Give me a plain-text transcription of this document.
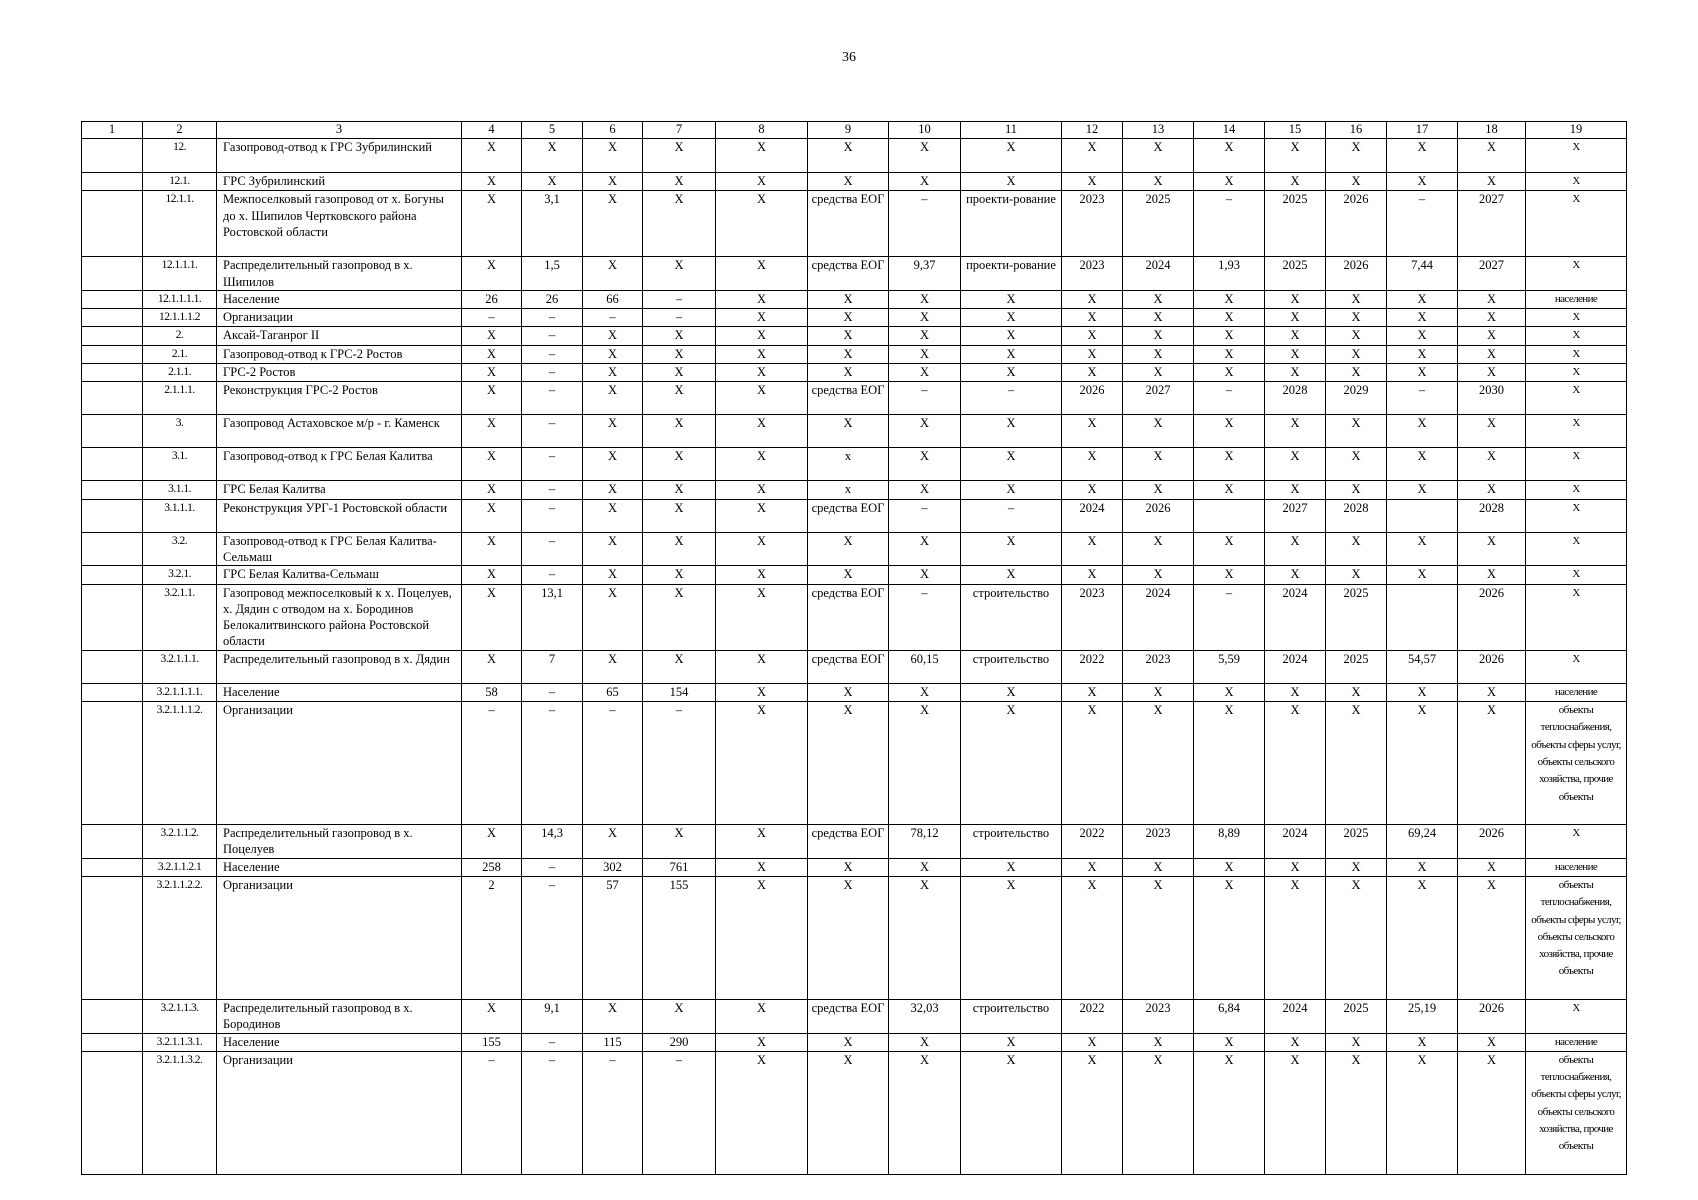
36
1	2	3	4	5	6	7	8	9	10	11	12	13	14	15	16	17	18	19
	12.	Газопровод-отвод к ГРС Зубрилинский	X	X	X	X	X	X	X	X	X	X	X	X	X	X	X	X
	12.1.	ГРС Зубрилинский	X	X	X	X	X	X	X	X	X	X	X	X	X	X	X	X
	12.1.1.	Межпоселковый газопровод от х. Богуны до х. Шипилов Чертковского района Ростовской области	X	3,1	X	X	X	средства ЕОГ	–	проекти-рование	2023	2025	–	2025	2026	–	2027	X
	12.1.1.1.	Распределительный газопровод в х. Шипилов	X	1,5	X	X	X	средства ЕОГ	9,37	проекти-рование	2023	2024	1,93	2025	2026	7,44	2027	X
	12.1.1.1.1.	Население	26	26	66	–	X	X	X	X	X	X	X	X	X	X	X	население
	12.1.1.1.2	Организации	–	–	–	–	X	X	X	X	X	X	X	X	X	X	X	X
	2.	Аксай-Таганрог II	X	–	X	X	X	X	X	X	X	X	X	X	X	X	X	X
	2.1.	Газопровод-отвод к ГРС-2 Ростов	X	–	X	X	X	X	X	X	X	X	X	X	X	X	X	X
	2.1.1.	ГРС-2 Ростов	X	–	X	X	X	X	X	X	X	X	X	X	X	X	X	X
	2.1.1.1.	Реконструкция ГРС-2 Ростов	X	–	X	X	X	средства ЕОГ	–	–	2026	2027	–	2028	2029	–	2030	X
	3.	Газопровод Астаховское м/р - г. Каменск	X	–	X	X	X	X	X	X	X	X	X	X	X	X	X	X
	3.1.	Газопровод-отвод к ГРС Белая Калитва	X	–	X	X	X	x	X	X	X	X	X	X	X	X	X	X
	3.1.1.	ГРС Белая Калитва	X	–	X	X	X	x	X	X	X	X	X	X	X	X	X	X
	3.1.1.1.	Реконструкция УРГ-1 Ростовской области	X	–	X	X	X	средства ЕОГ	–	–	2024	2026		2027	2028		2028	X
	3.2.	Газопровод-отвод к ГРС Белая Калитва-Сельмаш	X	–	X	X	X	X	X	X	X	X	X	X	X	X	X	X
	3.2.1.	ГРС Белая Калитва-Сельмаш	X	–	X	X	X	X	X	X	X	X	X	X	X	X	X	X
	3.2.1.1.	Газопровод межпоселковый к х. Поцелуев, х. Дядин с отводом на х. Бородинов Белокалитвинского района Ростовской области	X	13,1	X	X	X	средства ЕОГ	–	строительство	2023	2024	–	2024	2025		2026	X
	3.2.1.1.1.	Распределительный газопровод в х. Дядин	X	7	X	X	X	средства ЕОГ	60,15	строительство	2022	2023	5,59	2024	2025	54,57	2026	X
	3.2.1.1.1.1.	Население	58	–	65	154	X	X	X	X	X	X	X	X	X	X	X	население
	3.2.1.1.1.2.	Организации	–	–	–	–	X	X	X	X	X	X	X	X	X	X	X	объекты теплоснабжения, объекты сферы услуг, объекты сельского хозяйства, прочие объекты
	3.2.1.1.2.	Распределительный газопровод в х. Поцелуев	X	14,3	X	X	X	средства ЕОГ	78,12	строительство	2022	2023	8,89	2024	2025	69,24	2026	X
	3.2.1.1.2.1	Население	258	–	302	761	X	X	X	X	X	X	X	X	X	X	X	население
	3.2.1.1.2.2.	Организации	2	–	57	155	X	X	X	X	X	X	X	X	X	X	X	объекты теплоснабжения, объекты сферы услуг, объекты сельского хозяйства, прочие объекты
	3.2.1.1.3.	Распределительный газопровод в х. Бородинов	X	9,1	X	X	X	средства ЕОГ	32,03	строительство	2022	2023	6,84	2024	2025	25,19	2026	X
	3.2.1.1.3.1.	Население	155	–	115	290	X	X	X	X	X	X	X	X	X	X	X	население
	3.2.1.1.3.2.	Организации	–	–	–	–	X	X	X	X	X	X	X	X	X	X	X	объекты теплоснабжения, объекты сферы услуг, объекты сельского хозяйства, прочие объекты
